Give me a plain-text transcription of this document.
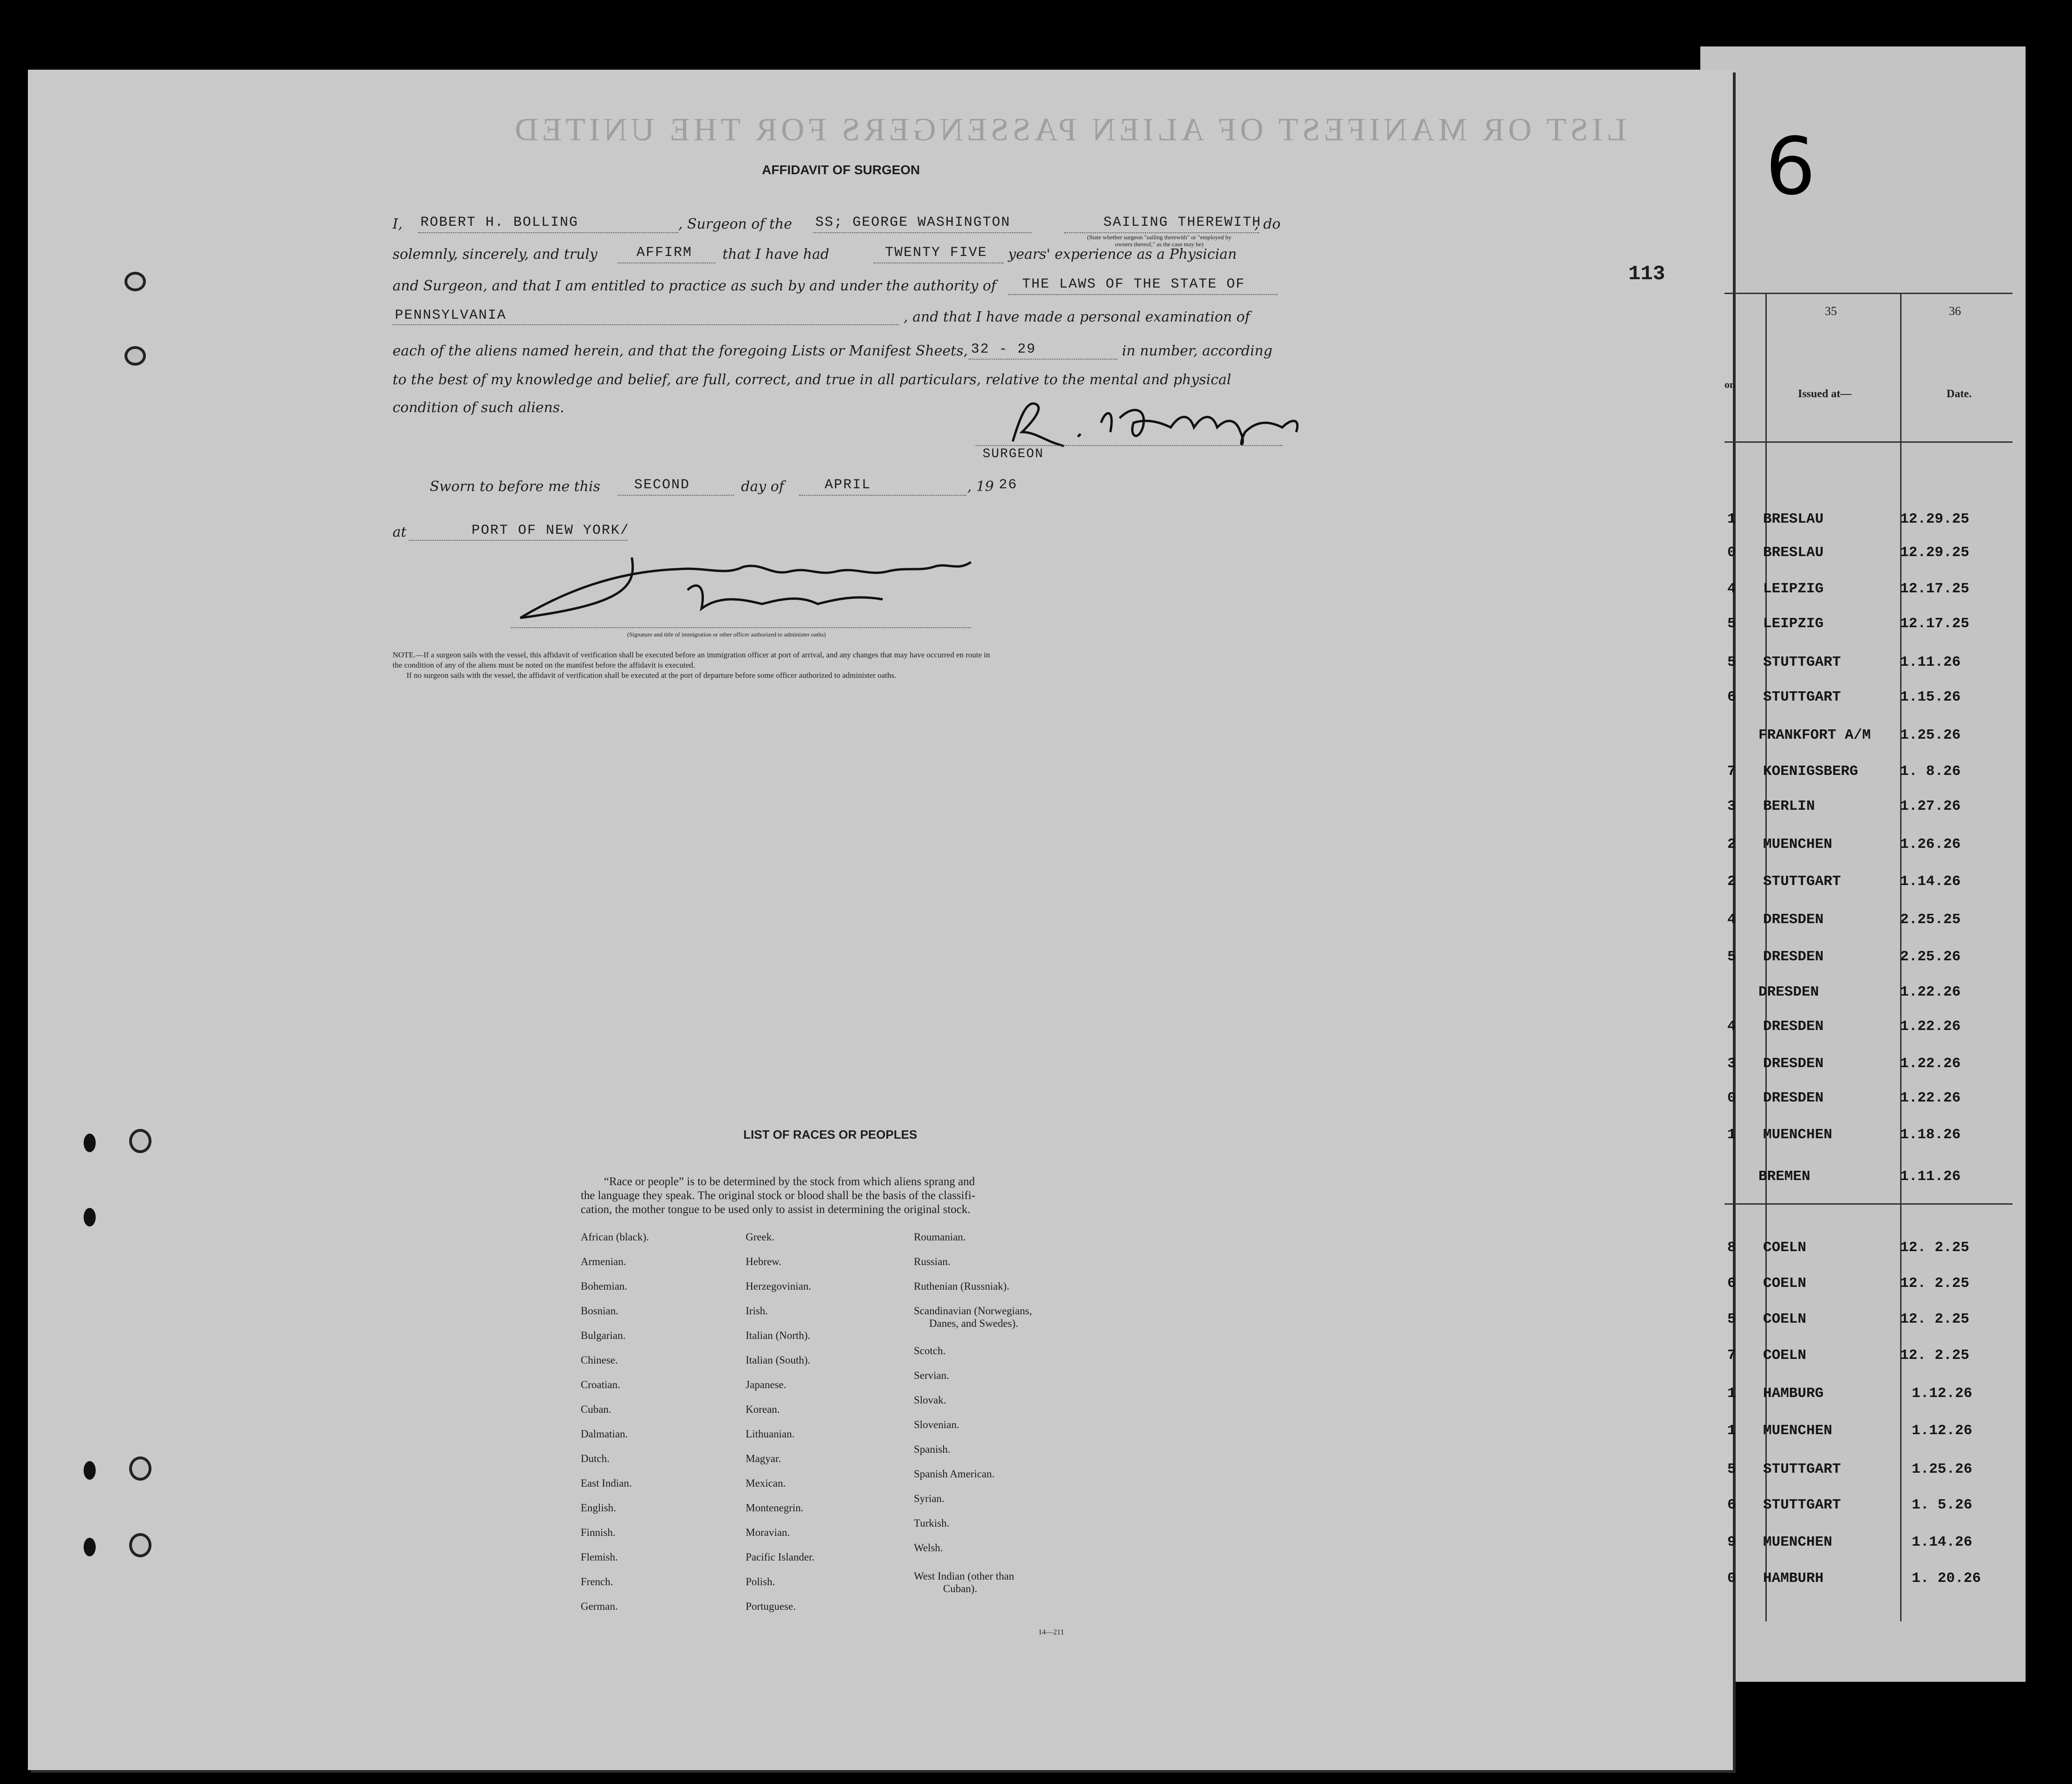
6
LIST OR MANIFEST OF ALIEN PASSENGERS FOR THE UNITED
113
AFFIDAVIT OF SURGEON
I, ROBERT H. BOLLING	, Surgeon of the SS; GEORGE WASHINGTON	SAILING THEREWITH
, do
(State whether surgeon "sailing therewith" or "employed by
owners thereof," as the case may be)
solemnly, sincerely, and truly	AFFIRM that I have had	TWENTY FIVE years' experience as a Physician
and Surgeon, and that I am entitled to practice as such by and under the authority of THE LAWS OF THE STATE OF
PENNSYLVANIA	, and that I have made a personal examination of
each of the aliens named herein, and that the foregoing Lists or Manifest Sheets, 32 - 29	in number, according
to the best of my knowledge and belief, are full, correct, and true in all particulars, relative to the mental and physical
condition of such aliens.
SURGEON
Sworn to before me this SECOND	day of	APRIL	, 19 26
at	PORT OF NEW YORK/
(Signature and title of immigration or other officer authorized to administer oaths)
NOTE.—If a surgeon sails with the vessel, this affidavit of verification shall be executed before an immigration officer at port of arrival, and any changes that may have occurred en route in
the condition of any of the aliens must be noted on the manifest before the affidavit is executed.
If no surgeon sails with the vessel, the affidavit of verification shall be executed at the port of departure before some officer authorized to administer oaths.
LIST OF RACES OR PEOPLES
“Race or people” is to be determined by the stock from which aliens sprang and
the language they speak. The original stock or blood shall be the basis of the classifi-
cation, the mother tongue to be used only to assist in determining the original stock.
African (black).
Armenian.
Bohemian.
Bosnian.
Bulgarian.
Chinese.
Croatian.
Cuban.
Dalmatian.
Dutch.
East Indian.
English.
Finnish.
Flemish.
French.
German.
Greek.
Hebrew.
Herzegovinian.
Irish.
Italian (North).
Italian (South).
Japanese.
Korean.
Lithuanian.
Magyar.
Mexican.
Montenegrin.
Moravian.
Pacific Islander.
Polish.
Portuguese.
Roumanian.
Russian.
Ruthenian (Russniak).
Scandinavian (Norwegians,
Danes, and Swedes).
Scotch.
Servian.
Slovak.
Slovenian.
Spanish.
Spanish American.
Syrian.
Turkish.
Welsh.
West Indian (other than
Cuban).
14—211
35	36
on
Issued at—	Date.
1 BRESLAU	12.29.25
0 BRESLAU	12.29.25
4 LEIPZIG	12.17.25
5 LEIPZIG	12.17.25
5 STUTTGART	1.11.26
6 STUTTGART	1.15.26
FRANKFORT A/M 1.25.26
7 KOENIGSBERG	1. 8.26
3 BERLIN	1.27.26
2 MUENCHEN	1.26.26
2 STUTTGART	1.14.26
4 DRESDEN	2.25.25
5 DRESDEN	2.25.26
DRESDEN	1.22.26
4 DRESDEN	1.22.26
3 DRESDEN	1.22.26
0 DRESDEN	1.22.26
1 MUENCHEN	1.18.26
BREMEN	1.11.26
8 COELN	12. 2.25
6 COELN	12. 2.25
5 COELN	12. 2.25
7 COELN	12. 2.25
1 HAMBURG	1.12.26
1 MUENCHEN	1.12.26
5 STUTTGART	1.25.26
6 STUTTGART	1. 5.26
9 MUENCHEN	1.14.26
0 HAMBURH	1. 20.26
